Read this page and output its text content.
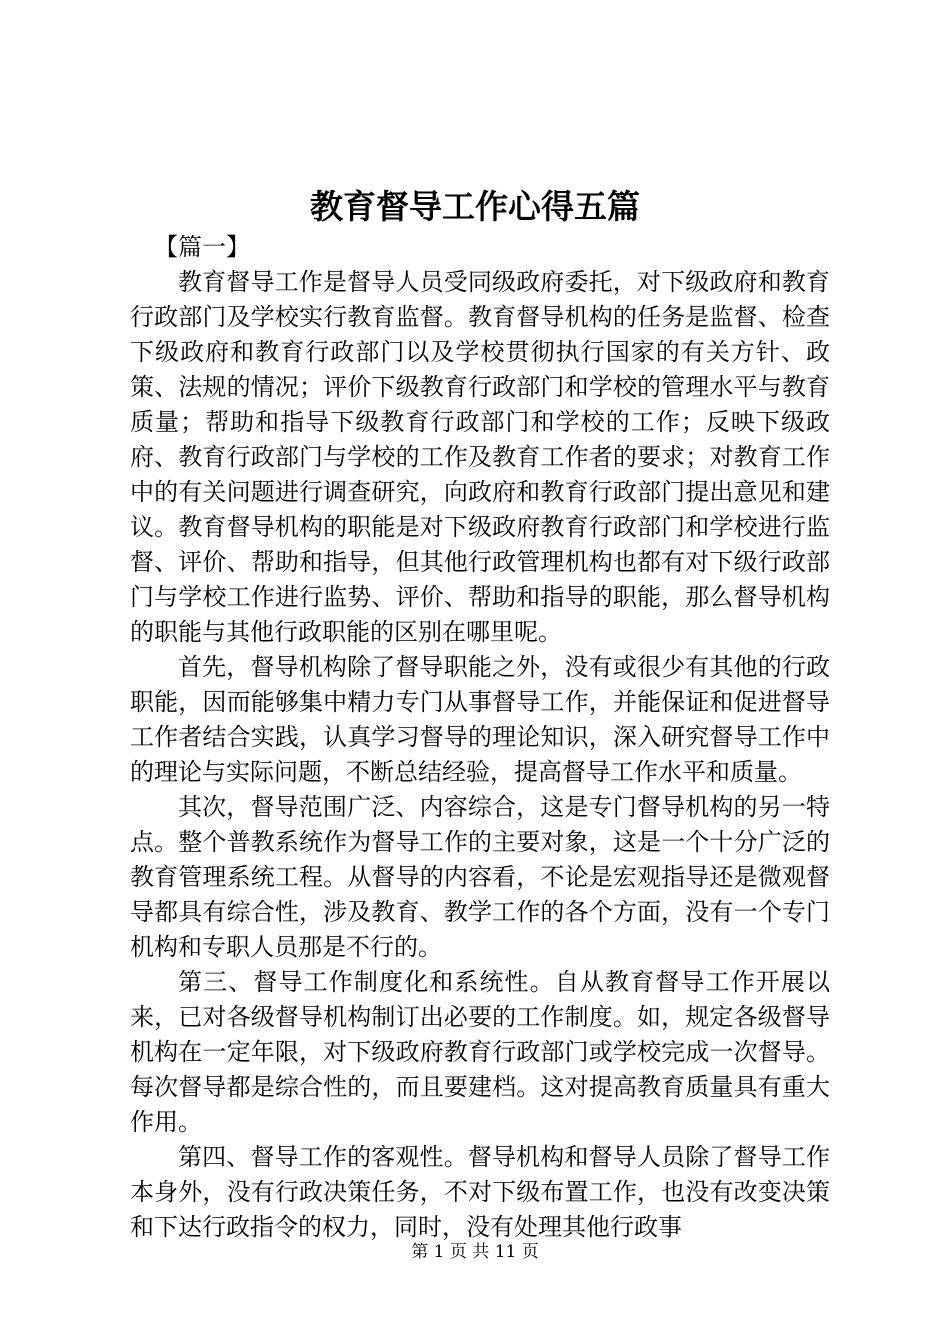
教育督导工作心得五篇

【篇一】

教育督导工作是督导人员受同级政府委托，对下级政府和教育行政部门及学校实行教育监督。教育督导机构的任务是监督、检查下级政府和教育行政部门以及学校贯彻执行国家的有关方针、政策、法规的情况；评价下级教育行政部门和学校的管理水平与教育质量；帮助和指导下级教育行政部门和学校的工作；反映下级政府、教育行政部门与学校的工作及教育工作者的要求；对教育工作中的有关问题进行调查研究，向政府和教育行政部门提出意见和建议。教育督导机构的职能是对下级政府教育行政部门和学校进行监督、评价、帮助和指导，但其他行政管理机构也都有对下级行政部门与学校工作进行监势、评价、帮助和指导的职能，那么督导机构的职能与其他行政职能的区别在哪里呢。

首先，督导机构除了督导职能之外，没有或很少有其他的行政职能，因而能够集中精力专门从事督导工作，并能保证和促进督导工作者结合实践，认真学习督导的理论知识，深入研究督导工作中的理论与实际问题，不断总结经验，提高督导工作水平和质量。

其次，督导范围广泛、内容综合，这是专门督导机构的另一特点。整个普教系统作为督导工作的主要对象，这是一个十分广泛的教育管理系统工程。从督导的内容看，不论是宏观指导还是微观督导都具有综合性，涉及教育、教学工作的各个方面，没有一个专门机构和专职人员那是不行的。

第三、督导工作制度化和系统性。自从教育督导工作开展以来，已对各级督导机构制订出必要的工作制度。如，规定各级督导机构在一定年限，对下级政府教育行政部门或学校完成一次督导。每次督导都是综合性的，而且要建档。这对提高教育质量具有重大作用。

第四、督导工作的客观性。督导机构和督导人员除了督导工作本身外，没有行政决策任务，不对下级布置工作，也没有改变决策和下达行政指令的权力，同时，没有处理其他行政事

第 1 页 共 11 页
